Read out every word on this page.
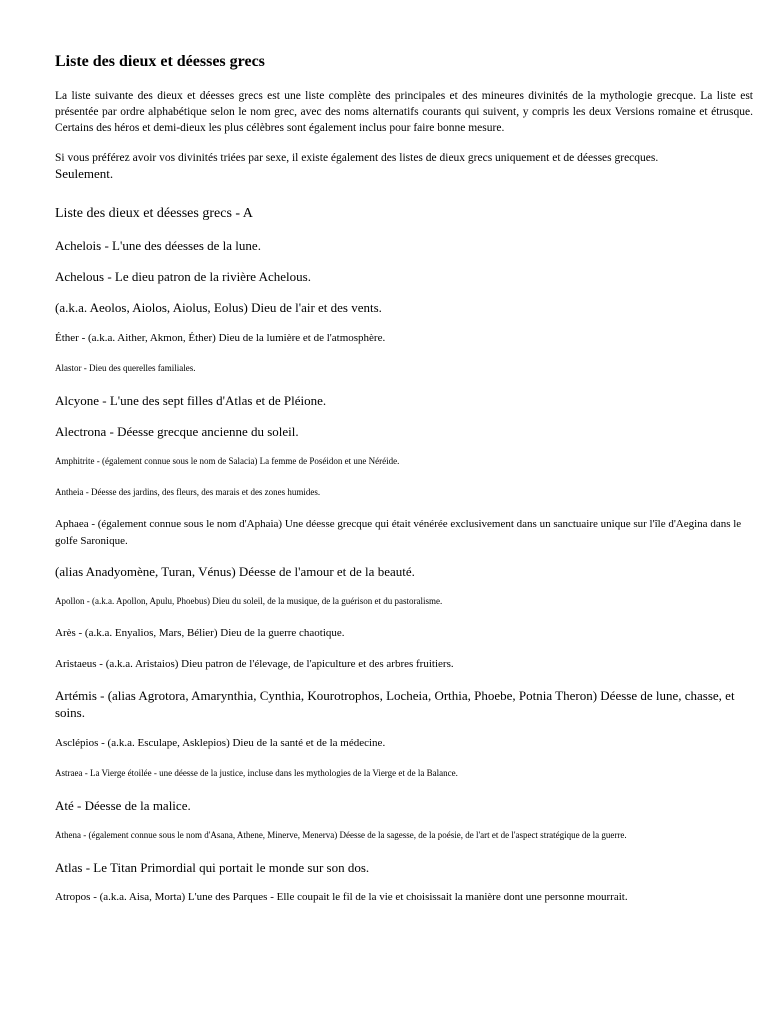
Liste des dieux et déesses grecs

La liste suivante des dieux et déesses grecs est une liste complète des principales et des mineures divinités de la mythologie grecque. La liste est présentée par ordre alphabétique selon le nom grec, avec des noms alternatifs courants qui suivent, y compris les deux Versions romaine et étrusque. Certains des héros et demi-dieux les plus célèbres sont également inclus pour faire bonne mesure.

Si vous préférez avoir vos divinités triées par sexe, il existe également des listes de dieux grecs uniquement et de déesses grecques.
Seulement.

Liste des dieux et déesses grecs - A

Achelois - L'une des déesses de la lune.

Achelous - Le dieu patron de la rivière Achelous.

(a.k.a. Aeolos, Aiolos, Aiolus, Eolus) Dieu de l'air et des vents.

Éther - (a.k.a. Aither, Akmon, Éther) Dieu de la lumière et de l'atmosphère.

Alastor - Dieu des querelles familiales.

Alcyone - L'une des sept filles d'Atlas et de Pléione.

Alectrona - Déesse grecque ancienne du soleil.

Amphitrite - (également connue sous le nom de Salacia) La femme de Poséidon et une Néréide.

Antheia - Déesse des jardins, des fleurs, des marais et des zones humides.

Aphaea - (également connue sous le nom d'Aphaia) Une déesse grecque qui était vénérée exclusivement dans un sanctuaire unique sur l'île d'Aegina dans le golfe Saronique.

(alias Anadyomène, Turan, Vénus) Déesse de l'amour et de la beauté.

Apollon - (a.k.a. Apollon, Apulu, Phoebus) Dieu du soleil, de la musique, de la guérison et du pastoralisme.

Arès - (a.k.a. Enyalios, Mars, Bélier) Dieu de la guerre chaotique.

Aristaeus - (a.k.a. Aristaios) Dieu patron de l'élevage, de l'apiculture et des arbres fruitiers.

Artémis - (alias Agrotora, Amarynthia, Cynthia, Kourotrophos, Locheia, Orthia, Phoebe, Potnia Theron) Déesse de lune, chasse, et soins.

Asclépios - (a.k.a. Esculape, Asklepios) Dieu de la santé et de la médecine.

Astraea - La Vierge étoilée - une déesse de la justice, incluse dans les mythologies de la Vierge et de la Balance.

Até - Déesse de la malice.

Athena - (également connue sous le nom d'Asana, Athene, Minerve, Menerva) Déesse de la sagesse, de la poésie, de l'art et de l'aspect stratégique de la guerre.

Atlas - Le Titan Primordial qui portait le monde sur son dos.

Atropos - (a.k.a. Aisa, Morta) L'une des Parques - Elle coupait le fil de la vie et choisissait la manière dont une personne mourrait.
